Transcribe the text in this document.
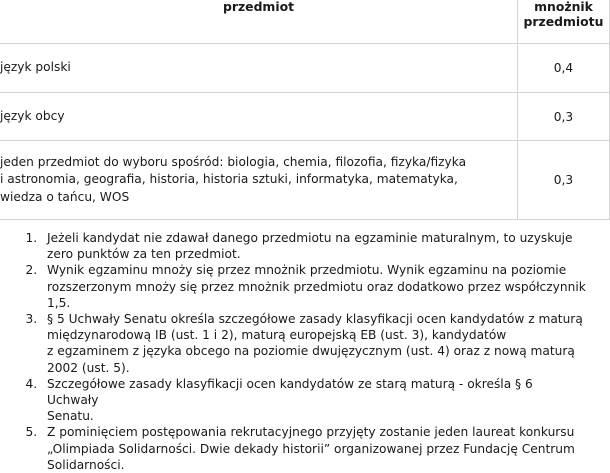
przedmiot	mnożnik
przedmiotu

język polski	0,4
język obcy	0,3

jeden przedmiot do wyboru spośród: biologia, chemia, filozofia, fizyka/fizyka
i astronomia, geografia, historia, historia sztuki, informatyka, matematyka,
wiedza o tańcu, WOS	0,3
1. Jeżeli kandydat nie zdawał danego przedmiotu na egzaminie maturalnym, to uzyskuje
zero punktów za ten przedmiot.
2. Wynik egzaminu mnoży się przez mnożnik przedmiotu. Wynik egzaminu na poziomie
rozszerzonym mnoży się przez mnożnik przedmiotu oraz dodatkowo przez współczynnik
1,5.
3. § 5 Uchwały Senatu określa szczegółowe zasady klasyfikacji ocen kandydatów z maturą
międzynarodową IB (ust. 1 i 2), maturą europejską EB (ust. 3), kandydatów
z egzaminem z języka obcego na poziomie dwujęzycznym (ust. 4) oraz z nową maturą
2002 (ust. 5).
4. Szczegółowe zasady klasyfikacji ocen kandydatów ze starą maturą - określa § 6 Uchwały
Senatu.
5. Z pominięciem postępowania rekrutacyjnego przyjęty zostanie jeden laureat konkursu
„Olimpiada Solidarności. Dwie dekady historii” organizowanej przez Fundację Centrum
Solidarności.
